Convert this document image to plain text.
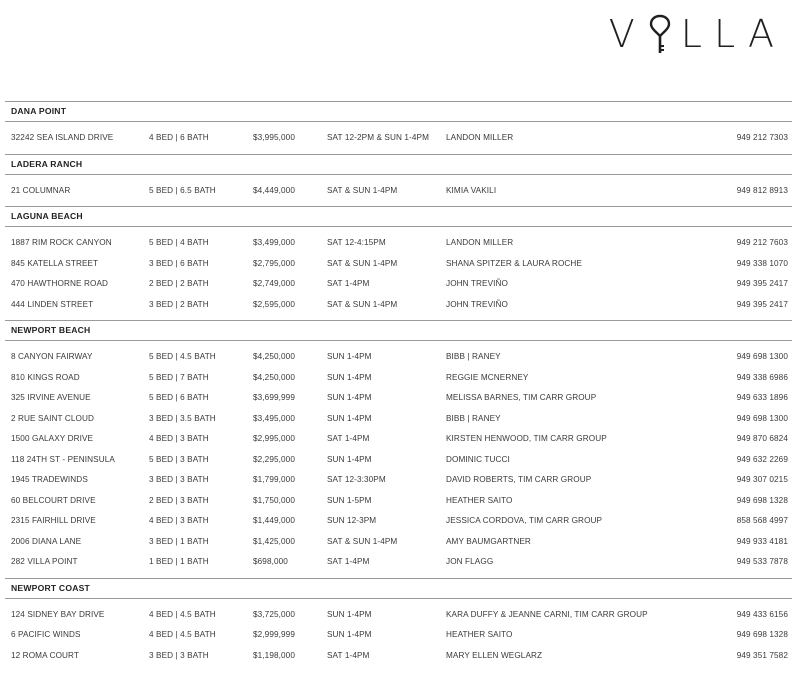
V LLA
DANA POINT
32242 SEA ISLAND DRIVE	4 BED | 6 BATH	$3,995,000	SAT 12-2PM & SUN 1-4PM	LANDON MILLER	949 212 7303
LADERA RANCH
21 COLUMNAR	5 BED | 6.5 BATH	$4,449,000	SAT & SUN 1-4PM	KIMIA VAKILI	949 812 8913
LAGUNA BEACH
1887 RIM ROCK CANYON	5 BED | 4 BATH	$3,499,000	SAT 12-4:15PM	LANDON MILLER	949 212 7603
845 KATELLA STREET	3 BED | 6 BATH	$2,795,000	SAT & SUN 1-4PM	SHANA SPITZER & LAURA ROCHE	949 338 1070
470 HAWTHORNE ROAD	2 BED | 2 BATH	$2,749,000	SAT 1-4PM	JOHN TREVIÑO	949 395 2417
444 LINDEN STREET	3 BED | 2 BATH	$2,595,000	SAT & SUN 1-4PM	JOHN TREVIÑO	949 395 2417
NEWPORT BEACH
8 CANYON FAIRWAY	5 BED | 4.5 BATH	$4,250,000	SUN 1-4PM	BIBB | RANEY	949 698 1300
810 KINGS ROAD	5 BED | 7 BATH	$4,250,000	SUN 1-4PM	REGGIE MCNERNEY	949 338 6986
325 IRVINE AVENUE	5 BED | 6 BATH	$3,699,999	SUN 1-4PM	MELISSA BARNES, TIM CARR GROUP	949 633 1896
2 RUE SAINT CLOUD	3 BED | 3.5 BATH	$3,495,000	SUN 1-4PM	BIBB | RANEY	949 698 1300
1500 GALAXY DRIVE	4 BED | 3 BATH	$2,995,000	SAT 1-4PM	KIRSTEN HENWOOD, TIM CARR GROUP	949 870 6824
118 24TH ST - PENINSULA	5 BED | 3 BATH	$2,295,000	SUN 1-4PM	DOMINIC TUCCI	949 632 2269
1945 TRADEWINDS	3 BED | 3 BATH	$1,799,000	SAT 12-3:30PM	DAVID ROBERTS, TIM CARR GROUP	949 307 0215
60 BELCOURT DRIVE	2 BED | 3 BATH	$1,750,000	SUN 1-5PM	HEATHER SAITO	949 698 1328
2315 FAIRHILL DRIVE	4 BED | 3 BATH	$1,449,000	SUN 12-3PM	JESSICA CORDOVA, TIM CARR GROUP	858 568 4997
2006 DIANA LANE	3 BED | 1 BATH	$1,425,000	SAT & SUN 1-4PM	AMY BAUMGARTNER	949 933 4181
282 VILLA POINT	1 BED | 1 BATH	$698,000	SAT 1-4PM	JON FLAGG	949 533 7878
NEWPORT COAST
124 SIDNEY BAY DRIVE	4 BED | 4.5 BATH	$3,725,000	SUN 1-4PM	KARA DUFFY & JEANNE CARNI, TIM CARR GROUP	949 433 6156
6 PACIFIC WINDS	4 BED | 4.5 BATH	$2,999,999	SUN 1-4PM	HEATHER SAITO	949 698 1328
12 ROMA COURT	3 BED | 3 BATH	$1,198,000	SAT 1-4PM	MARY ELLEN WEGLARZ	949 351 7582
